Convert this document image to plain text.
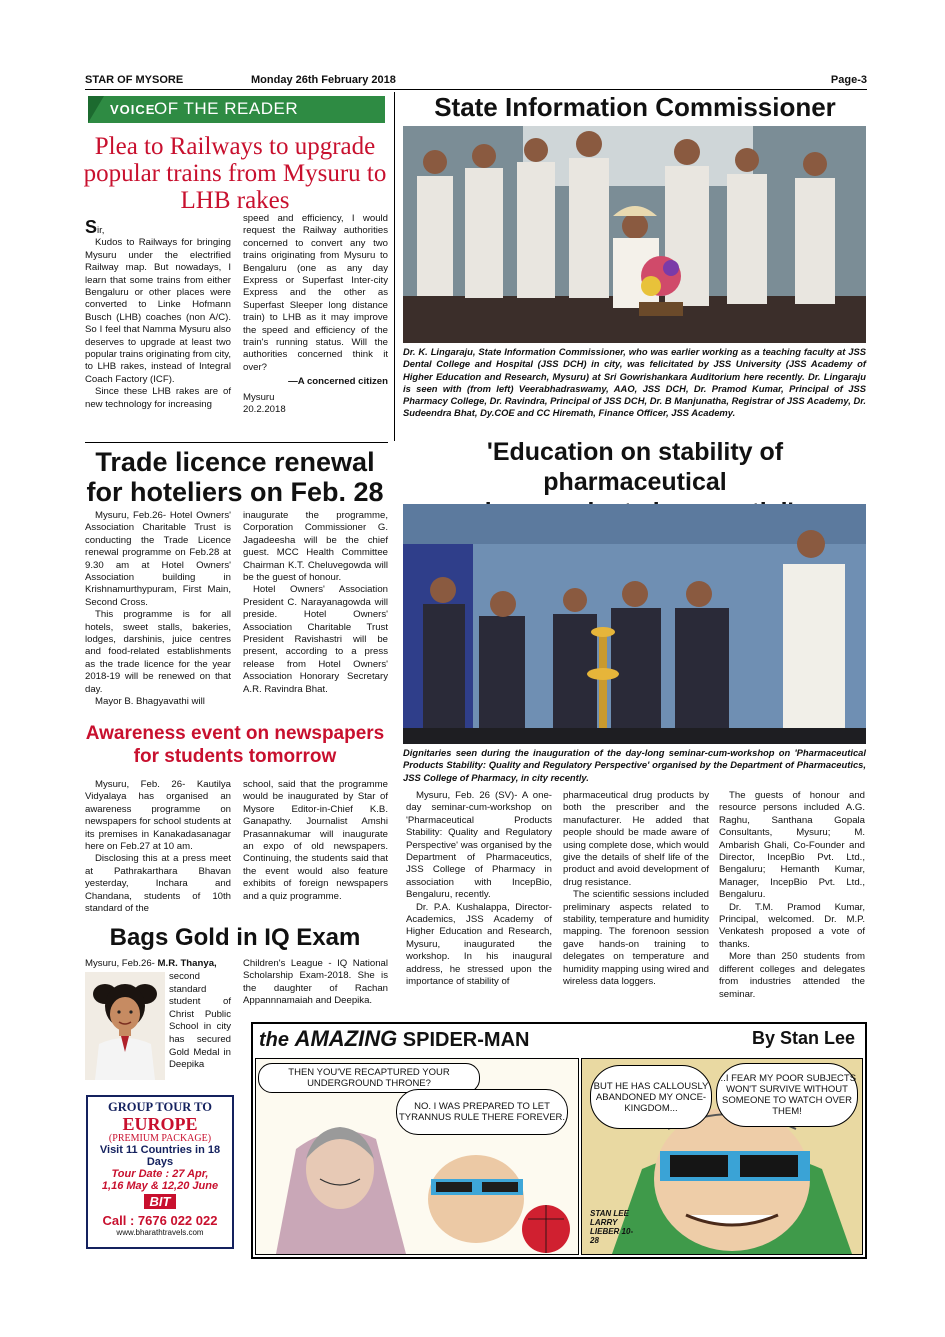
STAR OF MYSORE	Monday 26th February 2018	Page-3
VOICE
OF THE READER
Plea to Railways to upgrade popular trains from Mysuru to LHB rakes

Sir,

Kudos to Railways for bringing Mysuru under the electrified Railway map. But nowadays, I learn that some trains from either Bengaluru or other places were converted to Linke Hofmann Busch (LHB) coaches (non A/C). So I feel that Namma Mysuru also deserves to upgrade at least two popular trains originating from city, to LHB rakes, instead of Integral Coach Factory (ICF).

Since these LHB rakes are of new technology for increasing

speed and efficiency, I would request the Railway authorities concerned to convert any two trains originating from Mysuru to Bengaluru (one as any day Express or Superfast Inter-city Express and the other as Superfast Sleeper long distance train) to LHB as it may improve the speed and efficiency of the train's running status. Will the authorities concerned think it over?

—A concerned citizen

Mysuru

20.2.2018

Trade licence renewal
for hoteliers on Feb. 28

Mysuru, Feb.26- Hotel Owners' Association Charitable Trust is conducting the Trade Licence renewal programme on Feb.28 at 9.30 am at Hotel Owners' Association building in Krishnamurthypuram, First Main, Second Cross.

This programme is for all hotels, sweet stalls, bakeries, lodges, darshinis, juice centres and food-related establishments as the trade licence for the year 2018-19 will be renewed on that day.

Mayor B. Bhagyavathi will

inaugurate the programme, Corporation Commissioner G. Jagadeesha will be the chief guest. MCC Health Committee Chairman K.T. Cheluvegowda will be the guest of honour.

Hotel Owners' Association President C. Narayanagowda will preside. Hotel Owners' Association Charitable Trust President Ravishastri will be present, according to a press release from Hotel Owners' Association Honorary Secretary A.R. Ravindra Bhat.

Awareness event on newspapers
for students tomorrow

Mysuru, Feb. 26- Kautilya Vidyalaya has organised an awareness programme on newspapers for school students at its premises in Kanakadasanagar here on Feb.27 at 10 am.

Disclosing this at a press meet at Pathrakarthara Bhavan yesterday, Inchara and Chandana, students of 10th standard of the

school, said that the programme would be inaugurated by Star of Mysore Editor-in-Chief K.B. Ganapathy. Journalist Amshi Prasannakumar will inaugurate an expo of old newspapers. Continuing, the students said that the event would also feature exhibits of foreign newspapers and a quiz programme.

Bags Gold in IQ Exam

Mysuru, Feb.26- M.R. Thanya,

second standard student of Christ Public School in city has secured Gold Medal in Deepika

Children's League - IQ National Scholarship Exam-2018. She is the daughter of Rachan Appannnamaiah and Deepika.

GROUP TOUR TO
EUROPE
(PREMIUM PACKAGE)
Visit 11 Countries in 18 Days
Tour Date : 27 Apr,
1,16 May & 12,20 June
BIT
Call : 7676 022 022
www.bharathtravels.com
State Information Commissioner
Dr. K. Lingaraju, State Information Commissioner, who was earlier working as a teaching faculty at JSS Dental College and Hospital (JSS DCH) in city, was felicitated by JSS University (JSS Academy of Higher Education and Research, Mysuru) at Sri Gowrishankara Auditorium here recently. Dr. Lingaraju is seen with (from left) Veerabhadraswamy, AAO, JSS DCH, Dr. Pramod Kumar, Principal of JSS Pharmacy College, Dr. Ravindra, Principal of JSS DCH, Dr. B Manjunatha, Registrar of JSS Academy, Dr. Sudeendra Bhat, Dy.COE and CC Hiremath, Finance Officer, JSS Academy.
'Education on stability of pharmaceutical
Dignitaries seen during the inauguration of the day-long seminar-cum-workshop on 'Pharmaceutical Products Stability: Quality and Regulatory Perspective' organised by the Department of Pharmaceutics, JSS College of Pharmacy, in city recently.

Mysuru, Feb. 26 (SV)- A one-day seminar-cum-workshop on 'Pharmaceutical Products Stability: Quality and Regulatory Perspective' was organised by the Department of Pharmaceutics, JSS College of Pharmacy in association with IncepBio, Bengaluru, recently.

Dr. P.A. Kushalappa, Director- Academics, JSS Academy of Higher Education and Research, Mysuru, inaugurated the workshop. In his inaugural address, he stressed upon the importance of stability of

pharmaceutical drug products by both the prescriber and the manufacturer. He added that people should be made aware of using complete dose, which would give the details of shelf life of the product and avoid development of drug resistance.

The scientific sessions included preliminary aspects related to stability, temperature and humidity mapping. The forenoon session gave hands-on training to delegates on temperature and humidity mapping using wired and wireless data loggers.

The guests of honour and resource persons included A.G. Raghu, Santhana Gopala Consultants, Mysuru; M. Ambarish Ghali, Co-Founder and Director, IncepBio Pvt. Ltd., Bengaluru; Hemanth Kumar, Manager, IncepBio Pvt. Ltd., Bengaluru.

Dr. T.M. Pramod Kumar, Principal, welcomed. Dr. M.P. Venkatesh proposed a vote of thanks.

More than 250 students from different colleges and delegates from industries attended the seminar.

the AMAZING SPIDER-MAN	By Stan Lee
THEN YOU'VE RECAPTURED YOUR UNDERGROUND THRONE?
NO. I WAS PREPARED TO LET TYRANNUS RULE THERE FOREVER.
BUT HE HAS CALLOUSLY ABANDONED MY ONCE-KINGDOM...
...I FEAR MY POOR SUBJECTS WON'T SURVIVE WITHOUT SOMEONE TO WATCH OVER THEM!
STAN LEE LARRY LIEBER 10-28
